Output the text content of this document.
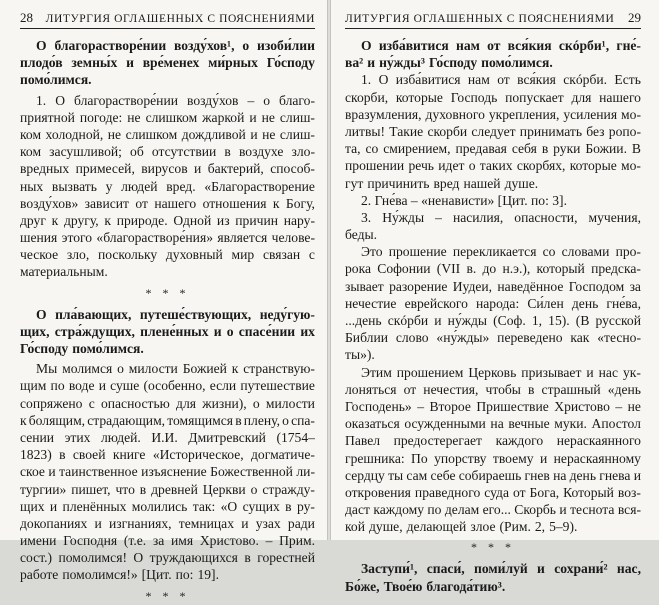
28 ЛИТУРГИЯ ОГЛАШЕННЫХ С ПОЯСНЕНИЯМИ
О благорастворе́нии возду́хов¹, о изоби́лии
плодо́в земны́х и вре́менех ми́рных Го́споду
помо́лимся.
1. О благорастворе́нии возду́хов – о благо-
приятной погоде: не слишком жаркой и не слиш-
ком холодной, не слишком дождливой и не слиш-
ком засушливой; об отсутствии в воздухе зло-
вредных примесей, вирусов и бактерий, способ-
ных вызвать у людей вред. «Благорастворение
возду́хов» зависит от нашего отношения к Богу,
друг к другу, к природе. Одной из причин нару-
шения этого «благорастворе́ния» является челове-
ческое зло, поскольку духовный мир связан с
материальным.
* * *
О пла́вающих, путеше́ствующих, неду́гую-
щих, стра́ждущих, плене́нных и о спасе́нии их
Го́споду помо́лимся.
Мы молимся о милости Божией к странствую-
щим по воде и суше (особенно, если путешествие
сопряжено с опасностью для жизни), о милости
к болящим, страдающим, томящимся в плену, о спа-
сении этих людей. И.И. Дмитревский (1754–
1823) в своей книге «Историческое, догматиче-
ское и таинственное изъяснение Божественной ли-
тургии» пишет, что в древней Церкви о стражду-
щих и пленённых молились так: «О сущих в ру-
докопаниях и изгнаниях, темницах и узах ради
имени Господня (т.е. за имя Христово. – Прим.
сост.) помолимся! О труждающихся в горестней
работе помолимся!» [Цит. по: 19].
* * *
ЛИТУРГИЯ ОГЛАШЕННЫХ С ПОЯСНЕНИЯМИ 29
О изба́витися нам от вся́кия скóрби¹, гне́-
ва² и ну́жды³ Го́споду помо́лимся.
1. О изба́витися нам от вся́кия скóрби. Есть
скорби, которые Господь попускает для нашего
вразумления, духовного укрепления, усиления мо-
литвы! Такие скорби следует принимать без ропо-
та, со смирением, предавая себя в руки Божии. В
прошении речь идет о таких скорбях, которые мо-
гут причинить вред нашей душе.
2. Гне́ва – «ненависти» [Цит. по: 3].
3. Ну́жды – насилия, опасности, мучения,
беды.
Это прошение перекликается со словами про-
рока Софонии (VII в. до н.э.), который предска-
зывает разорение Иудеи, наведённое Господом за
нечестие еврейского народа: Си́лен день гне́ва,
...день скóрби и ну́жды (Соф. 1, 15). (В русской
Библии слово «ну́жды» переведено как «тесно-
ты»).
Этим прошением Церковь призывает и нас ук-
лоняться от нечестия, чтобы в страшный «день
Господень» – Второе Пришествие Христово – не
оказаться осужденными на вечные муки. Апостол
Павел предостерегает каждого нераскаянного
грешника: По упорству твоему и нераскаянному
сердцу ты сам себе собираешь гнев на день гнева и
откровения праведного суда от Бога, Который воз-
даст каждому по делам его... Скорбь и теснота вся-
кой душе, делающей злое (Рим. 2, 5–9).
* * *
Заступи́¹, спаси́, поми́луй и сохрани́² нас,
Бо́же, Твое́ю благода́тию³.
